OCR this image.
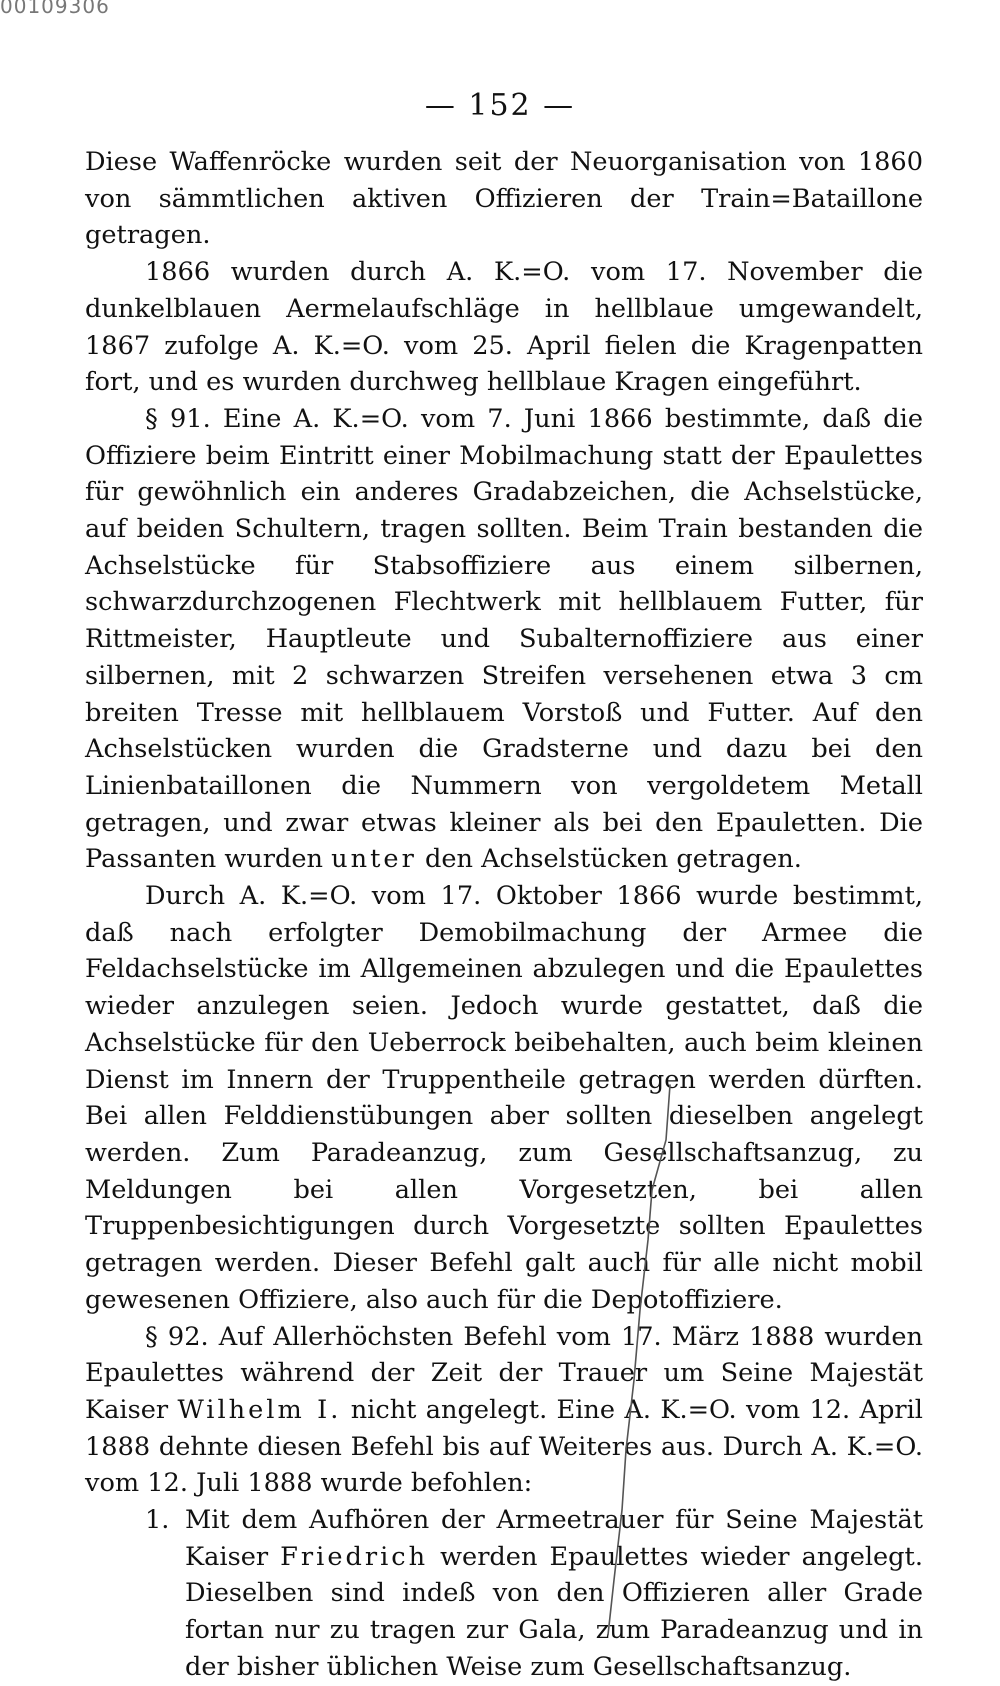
00109306
— 152 —

Diese Waffenröcke wurden seit der Neuorganisation von 1860 von sämmtlichen aktiven Offizieren der Train=Bataillone getragen.

1866 wurden durch A. K.=O. vom 17. November die dunkelblauen Aermelaufschläge in hellblaue umgewandelt, 1867 zufolge A. K.=O. vom 25. April fielen die Kragenpatten fort, und es wurden durchweg hellblaue Kragen eingeführt.

§ 91. Eine A. K.=O. vom 7. Juni 1866 bestimmte, daß die Offiziere beim Eintritt einer Mobilmachung statt der Epaulettes für gewöhnlich ein anderes Gradabzeichen, die Achselstücke, auf beiden Schultern, tragen sollten. Beim Train bestanden die Achselstücke für Stabsoffiziere aus einem silbernen, schwarzdurchzogenen Flechtwerk mit hellblauem Futter, für Rittmeister, Hauptleute und Subalternoffiziere aus einer silbernen, mit 2 schwarzen Streifen versehenen etwa 3 cm breiten Tresse mit hellblauem Vorstoß und Futter. Auf den Achselstücken wurden die Gradsterne und dazu bei den Linienbataillonen die Nummern von vergoldetem Metall getragen, und zwar etwas kleiner als bei den Epauletten. Die Passanten wurden unter den Achselstücken getragen.

Durch A. K.=O. vom 17. Oktober 1866 wurde bestimmt, daß nach erfolgter Demobilmachung der Armee die Feldachselstücke im Allgemeinen abzulegen und die Epaulettes wieder anzulegen seien. Jedoch wurde gestattet, daß die Achselstücke für den Ueberrock beibehalten, auch beim kleinen Dienst im Innern der Truppentheile getragen werden dürften. Bei allen Felddienstübungen aber sollten dieselben angelegt werden. Zum Paradeanzug, zum Gesellschaftsanzug, zu Meldungen bei allen Vorgesetzten, bei allen Truppenbesichtigungen durch Vorgesetzte sollten Epaulettes getragen werden. Dieser Befehl galt auch für alle nicht mobil gewesenen Offiziere, also auch für die Depotoffiziere.

§ 92. Auf Allerhöchsten Befehl vom 17. März 1888 wurden Epaulettes während der Zeit der Trauer um Seine Majestät Kaiser Wilhelm I. nicht angelegt. Eine A. K.=O. vom 12. April 1888 dehnte diesen Befehl bis auf Weiteres aus. Durch A. K.=O. vom 12. Juli 1888 wurde befohlen:

1. Mit dem Aufhören der Armeetrauer für Seine Majestät Kaiser Friedrich werden Epaulettes wieder angelegt. Dieselben sind indeß von den Offizieren aller Grade fortan nur zu tragen zur Gala, zum Paradeanzug und in der bisher üblichen Weise zum Gesellschaftsanzug.
